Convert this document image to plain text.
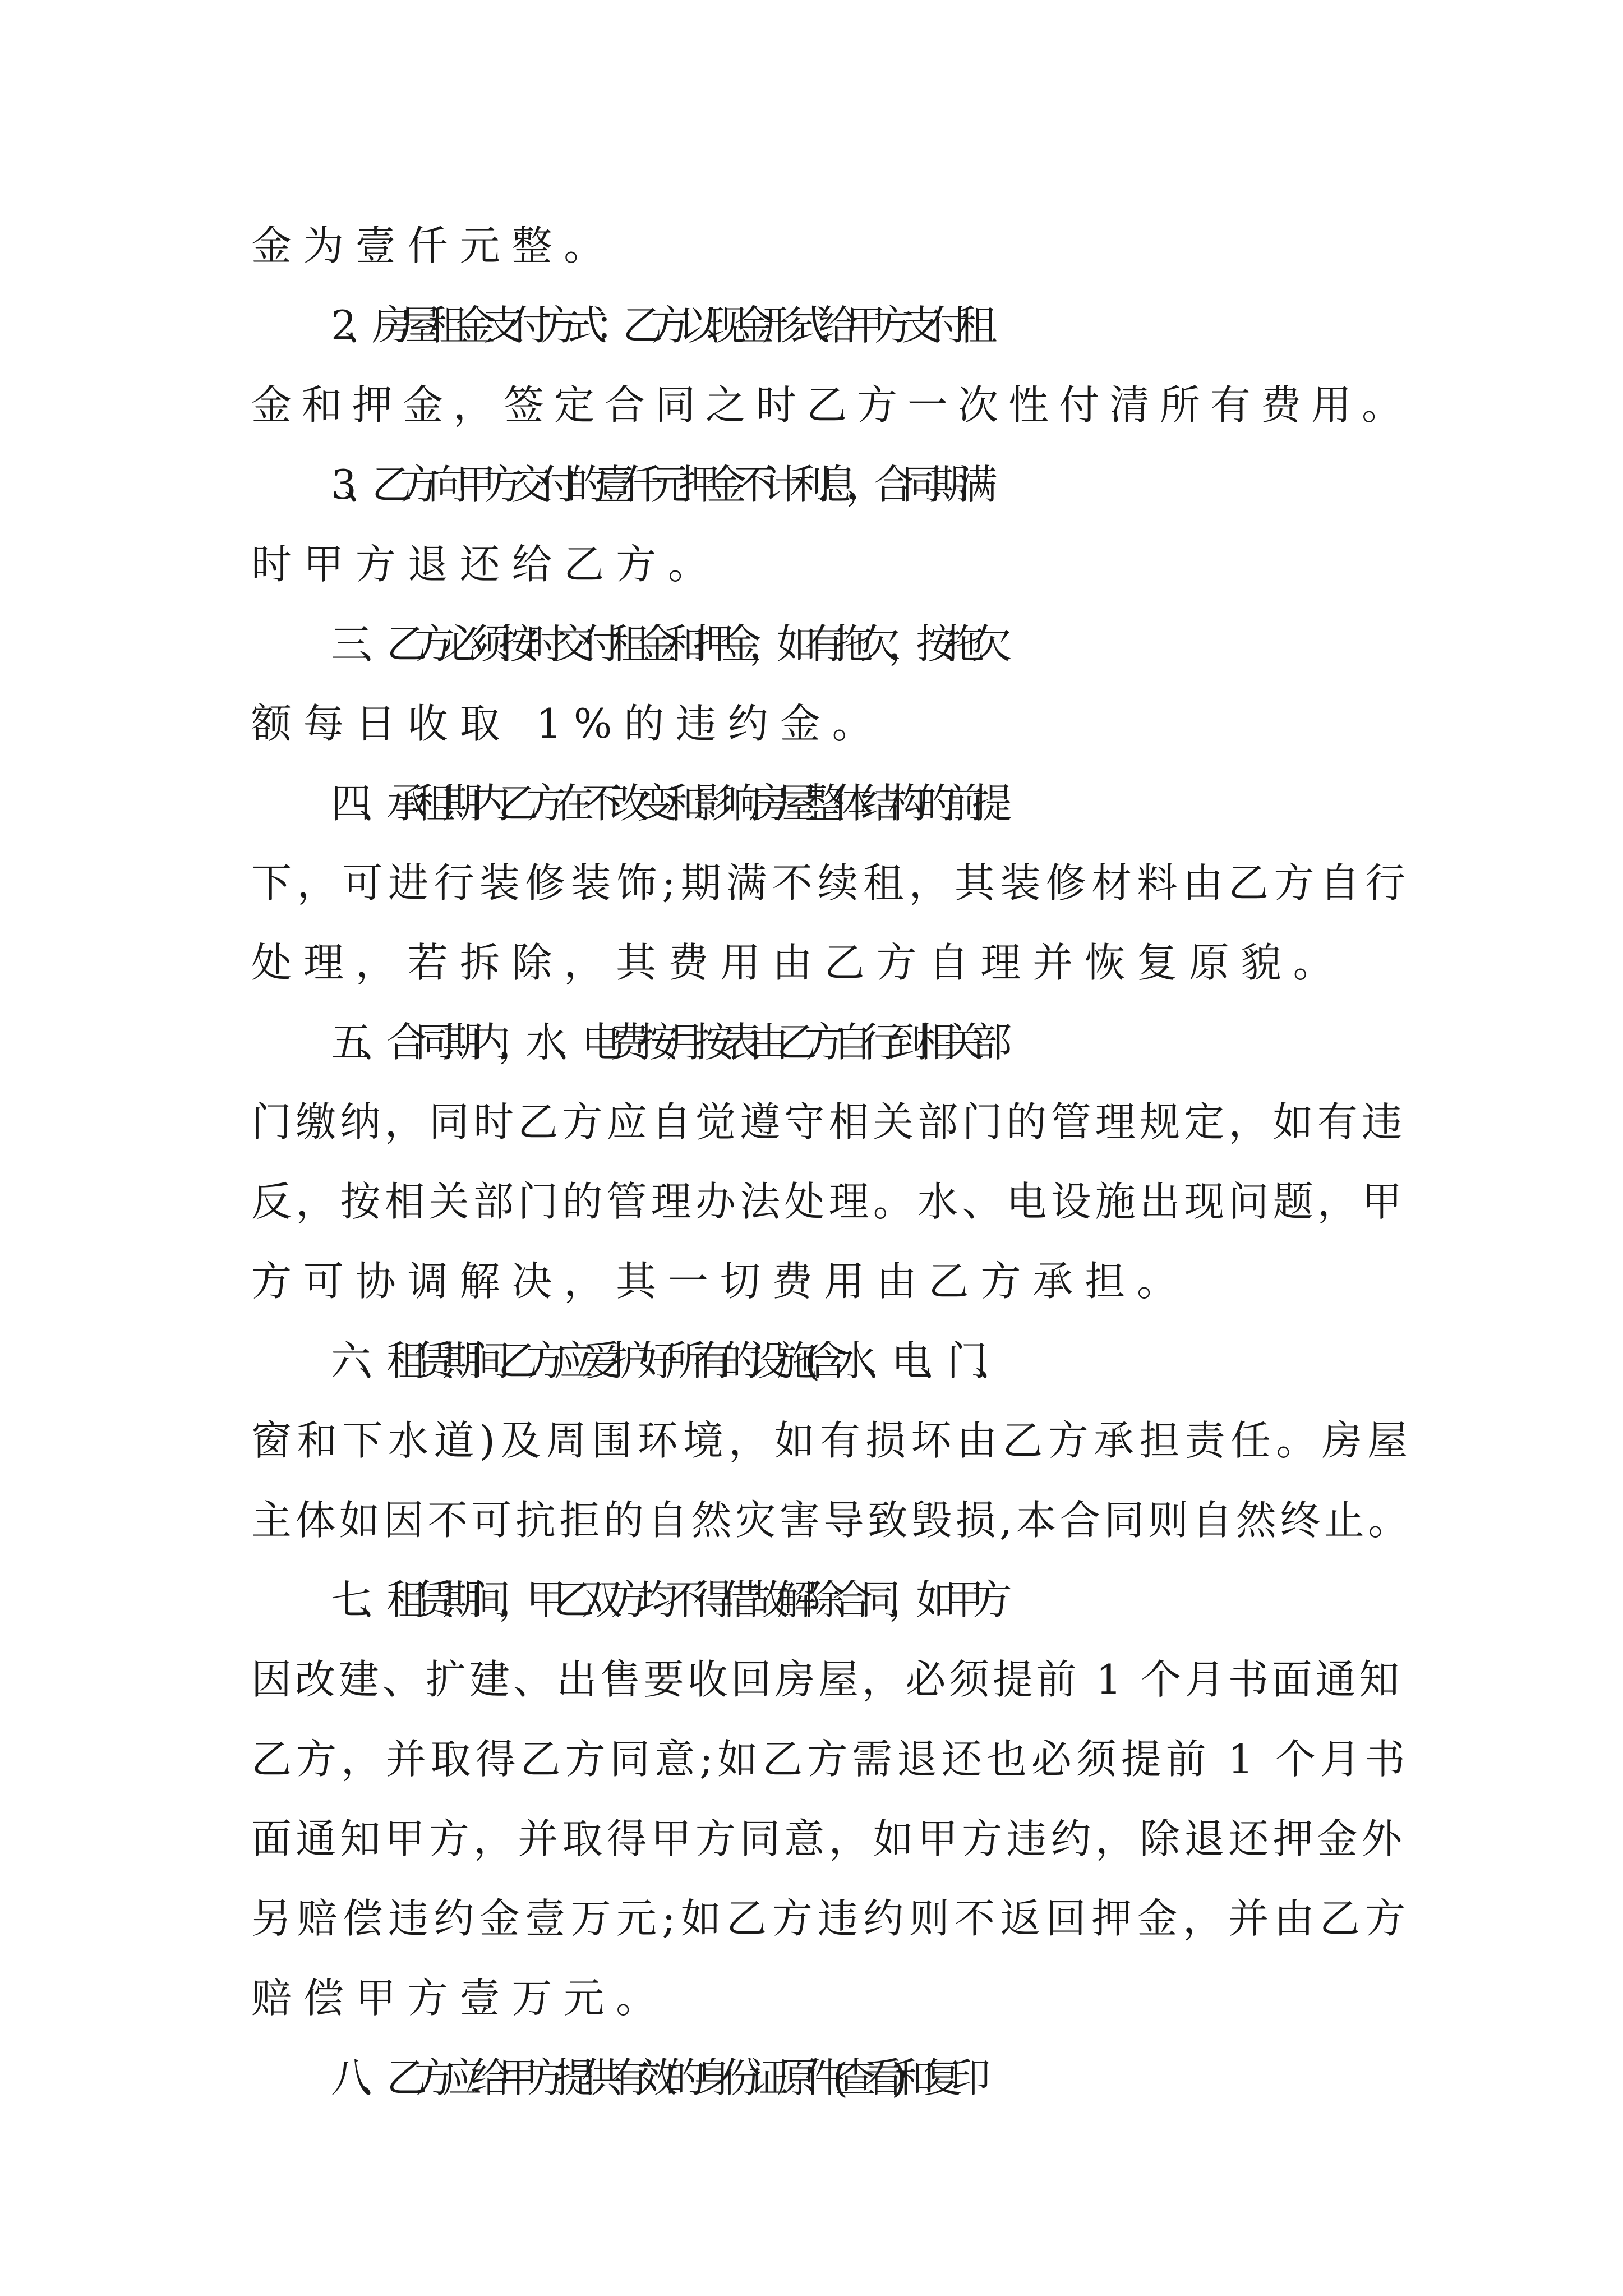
金为壹仟元整。
2、房屋租金支付方式：乙方以现金形式给甲方支付租
金和押金，签定合同之时乙方一次性付清所有费用。
3、乙方向甲方交付的壹仟元押金不计利息，合同期满
时甲方退还给乙方。
三、乙方必须按时交付租金和押金，如有拖欠，按拖欠
额每日收取 1%的违约金。
四、承租期内乙方在不改变和影响房屋整体结构的前提
下，可进行装修装饰;期满不续租，其装修材料由乙方自行
处理，若拆除，其费用由乙方自理并恢复原貌。
五、合同期内，水、电费按月按表由乙方自行到相关部
门缴纳，同时乙方应自觉遵守相关部门的管理规定，如有违
反，按相关部门的管理办法处理。水、电设施出现问题，甲
方可协调解决，其一切费用由乙方承担。
六、租赁期间乙方应爱护好所有的设施(含水、电、门、
窗和下水道)及周围环境，如有损坏由乙方承担责任。房屋
主体如因不可抗拒的自然灾害导致毁损,本合同则自然终止。
七、租赁期间，甲乙双方均不得借故解除合同，如甲方
因改建、扩建、出售要收回房屋，必须提前 1 个月书面通知
乙方，并取得乙方同意;如乙方需退还也必须提前 1 个月书
面通知甲方，并取得甲方同意，如甲方违约，除退还押金外
另赔偿违约金壹万元;如乙方违约则不返回押金，并由乙方
赔偿甲方壹万元。
八、乙方应给甲方提供有效的身份证原件(查看)和复印
